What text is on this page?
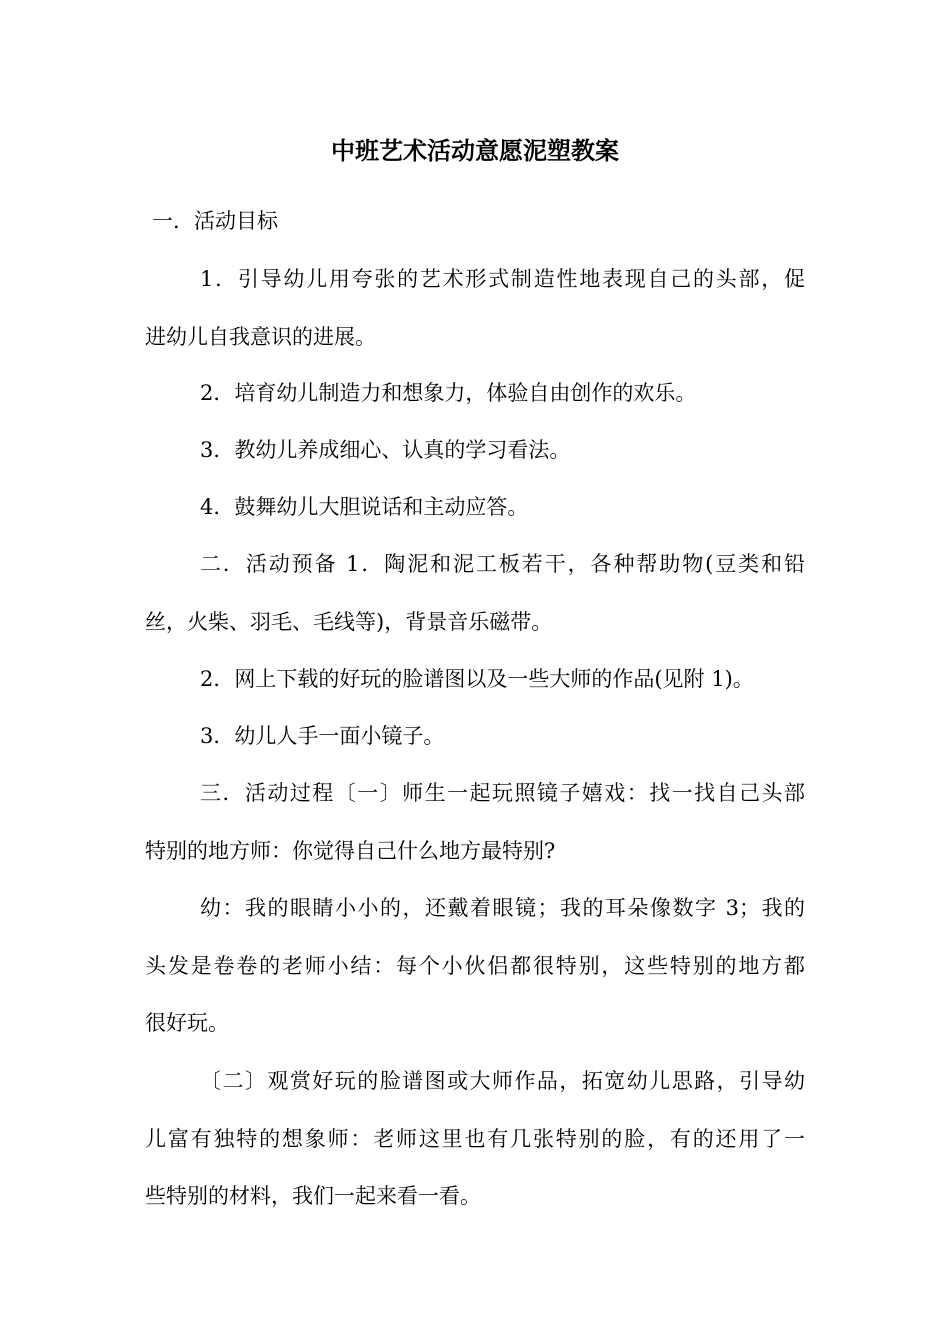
中班艺术活动意愿泥塑教案

一．活动目标

1．引导幼儿用夸张的艺术形式制造性地表现自己的头部，促

进幼儿自我意识的进展。

2．培育幼儿制造力和想象力，体验自由创作的欢乐。

3．教幼儿养成细心、认真的学习看法。

4．鼓舞幼儿大胆说话和主动应答。

二．活动预备 1．陶泥和泥工板若干，各种帮助物(豆类和铅

丝，火柴、羽毛、毛线等)，背景音乐磁带。

2．网上下载的好玩的脸谱图以及一些大师的作品(见附 1)。

3．幼儿人手一面小镜子。

三．活动过程〔一〕师生一起玩照镜子嬉戏：找一找自己头部

特别的地方师：你觉得自己什么地方最特别?

幼：我的眼睛小小的，还戴着眼镜；我的耳朵像数字 3；我的

头发是卷卷的老师小结：每个小伙侣都很特别，这些特别的地方都

很好玩。

〔二〕观赏好玩的脸谱图或大师作品，拓宽幼儿思路，引导幼

儿富有独特的想象师：老师这里也有几张特别的脸，有的还用了一

些特别的材料，我们一起来看一看。
